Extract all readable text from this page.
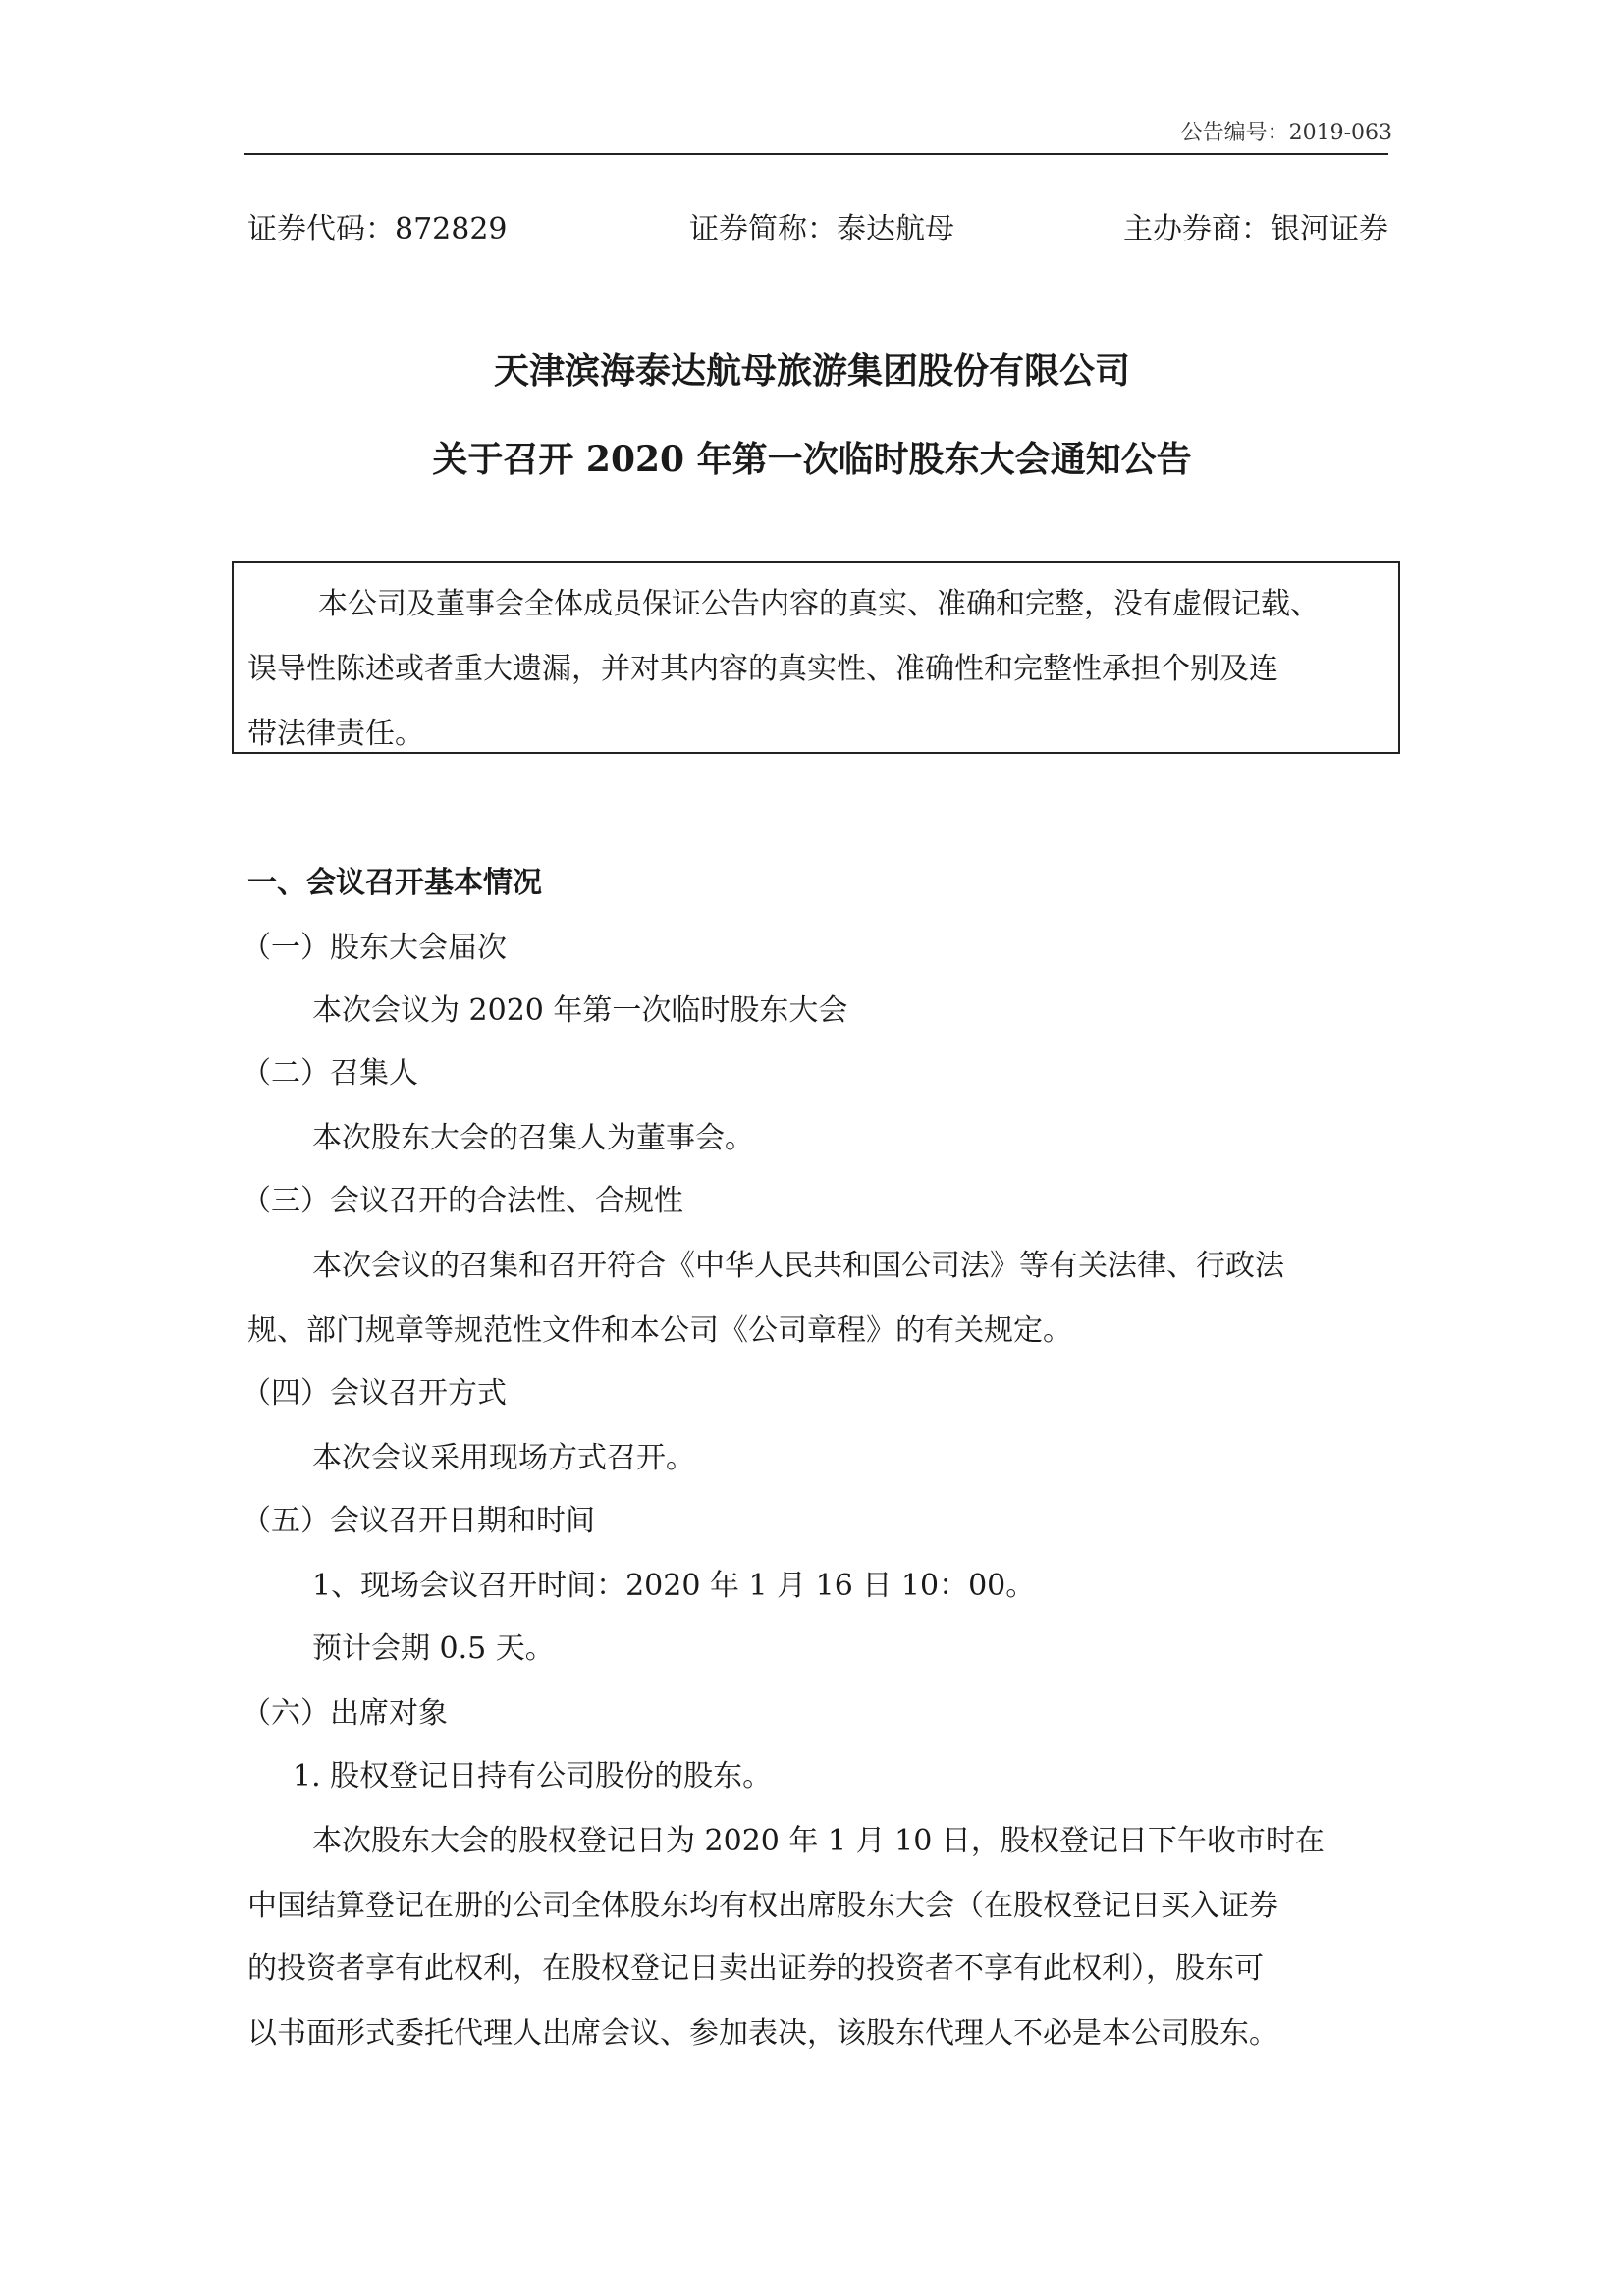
公告编号：2019-063
证券代码：872829	证券简称：泰达航母	主办券商：银河证券
天津滨海泰达航母旅游集团股份有限公司
关于召开 2020 年第一次临时股东大会通知公告
本公司及董事会全体成员保证公告内容的真实、准确和完整，没有虚假记载、
误导性陈述或者重大遗漏，并对其内容的真实性、准确性和完整性承担个别及连
带法律责任。
一、会议召开基本情况
（一）股东大会届次
本次会议为 2020 年第一次临时股东大会
（二）召集人
本次股东大会的召集人为董事会。
（三）会议召开的合法性、合规性
本次会议的召集和召开符合《中华人民共和国公司法》等有关法律、行政法
规、部门规章等规范性文件和本公司《公司章程》的有关规定。
（四）会议召开方式
本次会议采用现场方式召开。
（五）会议召开日期和时间
1、现场会议召开时间：2020 年 1 月 16 日 10：00。
预计会期 0.5 天。
（六）出席对象
1. 股权登记日持有公司股份的股东。
本次股东大会的股权登记日为 2020 年 1 月 10 日，股权登记日下午收市时在
中国结算登记在册的公司全体股东均有权出席股东大会（在股权登记日买入证券
的投资者享有此权利，在股权登记日卖出证券的投资者不享有此权利），股东可
以书面形式委托代理人出席会议、参加表决，该股东代理人不必是本公司股东。
